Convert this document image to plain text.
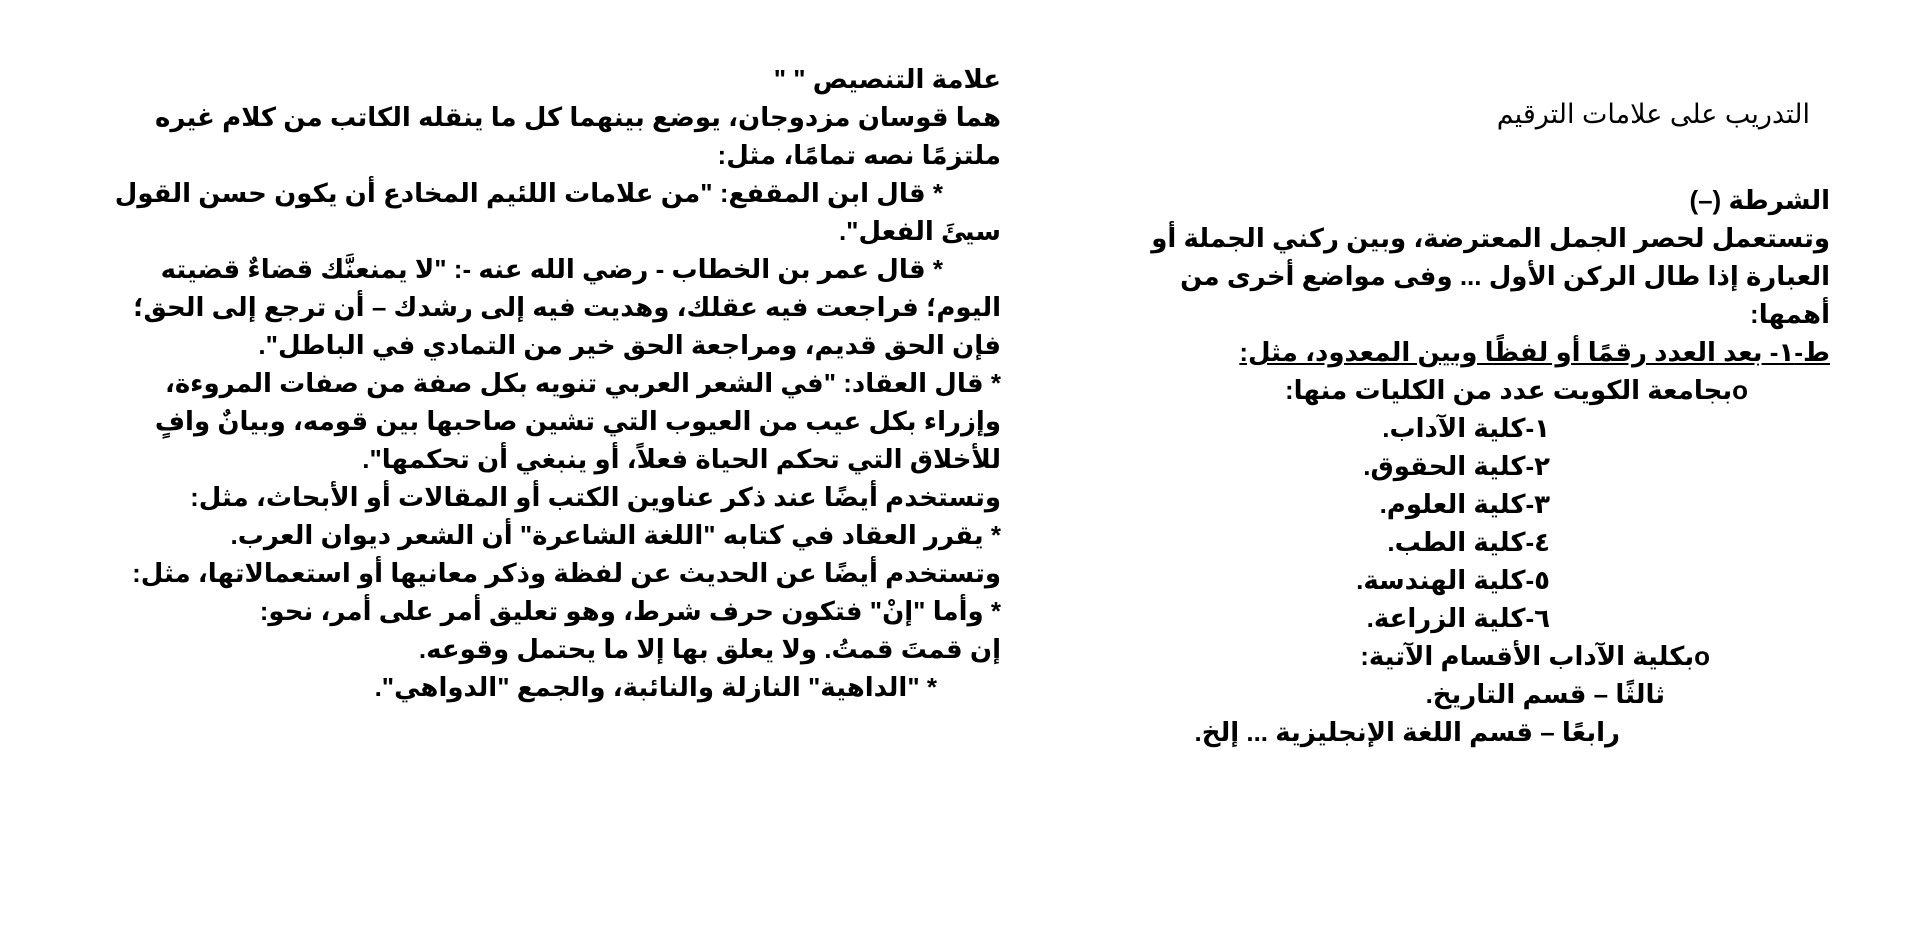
علامة التنصيص " "
هما قوسان مزدوجان، يوضع بينهما كل ما ينقله الكاتب من كلام غيره
ملتزمًا نصه تمامًا، مثل:
* قال ابن المقفع: "من علامات اللئيم المخادع أن يكون حسن القول
سيئَ الفعل".
* قال عمر بن الخطاب - رضي الله عنه -: "لا يمنعنَّك قضاءٌ قضيته
اليوم؛ فراجعت فيه عقلك، وهديت فيه إلى رشدك – أن ترجع إلى الحق؛
فإن الحق قديم، ومراجعة الحق خير من التمادي في الباطل".
* قال العقاد: "في الشعر العربي تنويه بكل صفة من صفات المروءة،
وإزراء بكل عيب من العيوب التي تشين صاحبها بين قومه، وبيانٌ وافٍ
للأخلاق التي تحكم الحياة فعلاً، أو ينبغي أن تحكمها".
وتستخدم أيضًا عند ذكر عناوين الكتب أو المقالات أو الأبحاث، مثل:
* يقرر العقاد في كتابه "اللغة الشاعرة" أن الشعر ديوان العرب.
وتستخدم أيضًا عن الحديث عن لفظة وذكر معانيها أو استعمالاتها، مثل:
* وأما "إنْ" فتكون حرف شرط، وهو تعليق أمر على أمر، نحو:
إن قمتَ قمتُ. ولا يعلق بها إلا ما يحتمل وقوعه.
* "الداهية" النازلة والنائبة، والجمع "الدواهي".
التدريب على علامات الترقيم
الشرطة (–)
وتستعمل لحصر الجمل المعترضة، وبين ركني الجملة أو
العبارة إذا طال الركن الأول ... وفى مواضع أخرى من
أهمها:
ط-١- بعد العدد رقمًا أو لفظًا وبين المعدود، مثل:
oبجامعة الكويت عدد من الكليات منها:
١-كلية الآداب.
٢-كلية الحقوق.
٣-كلية العلوم.
٤-كلية الطب.
٥-كلية الهندسة.
٦-كلية الزراعة.
oبكلية الآداب الأقسام الآتية:
ثالثًا – قسم التاريخ.
رابعًا – قسم اللغة الإنجليزية ... إلخ.
